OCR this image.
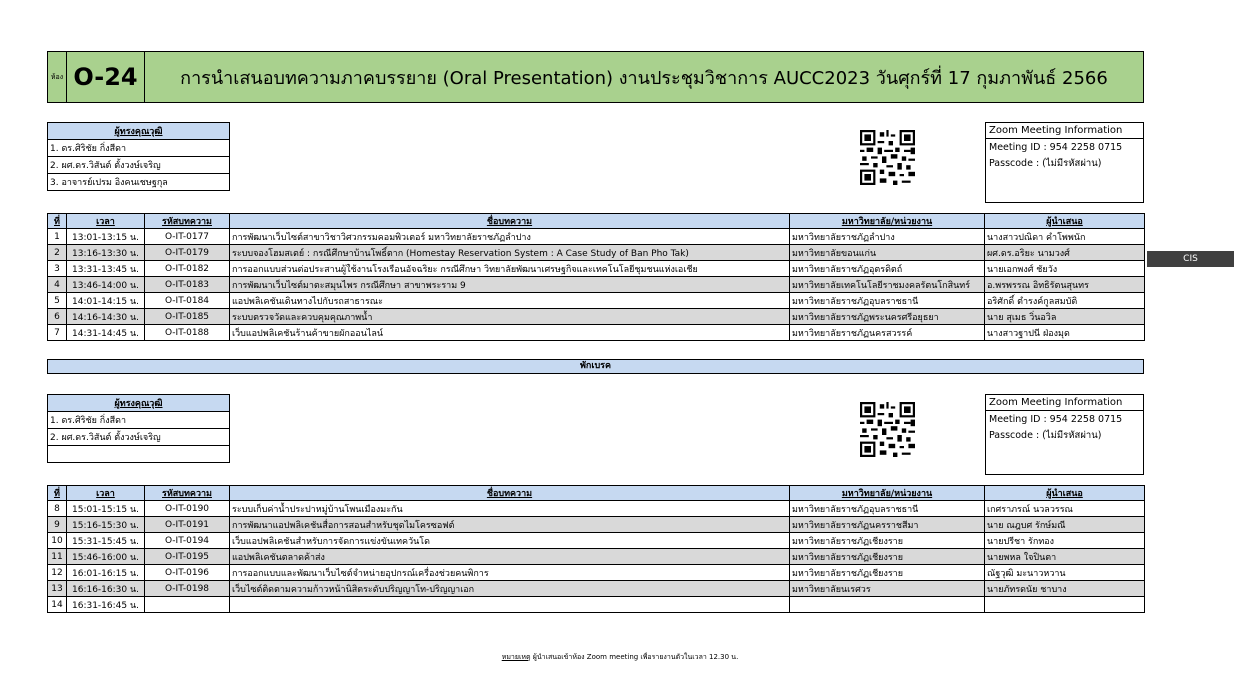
ห้อง O-24	การนำเสนอบทความภาคบรรยาย (Oral Presentation) งานประชุมวิชาการ AUCC2023 วันศุกร์ที่ 17 กุมภาพันธ์ 2566
ผู้ทรงคุณวุฒิ
1. ดร.ศิริชัย กิ่งสีดา
2. ผศ.ดร.วิสันต์ ตั้งวงษ์เจริญ
3. อาจารย์เปรม อิงคนเชษฐกุล
Zoom Meeting Information
Meeting ID : 954 2258 0715
Passcode : (ไม่มีรหัสผ่าน)
ที่	เวลา	รหัสบทความ	ชื่อบทความ	มหาวิทยาลัย/หน่วยงาน	ผู้นำเสนอ
1	13:01-13:15 น.	O-IT-0177	การพัฒนาเว็บไซต์สาขาวิชาวิศวกรรมคอมพิวเตอร์ มหาวิทยาลัยราชภัฏลำปาง	มหาวิทยาลัยราชภัฏลำปาง	นางสาวปณิดา คำโพพนัก
2	13:16-13:30 น.	O-IT-0179	ระบบจองโฮมสเตย์ : กรณีศึกษาบ้านโพธิ์ตาก (Homestay Reservation System : A Case Study of Ban Pho Tak)	มหาวิทยาลัยขอนแก่น	ผศ.ดร.อริยะ นามวงศ์
3	13:31-13:45 น.	O-IT-0182	การออกแบบส่วนต่อประสานผู้ใช้งานโรงเรือนอัจฉริยะ กรณีศึกษา วิทยาลัยพัฒนาเศรษฐกิจและเทคโนโลยีชุมชนแห่งเอเชีย	มหาวิทยาลัยราชภัฏอุตรดิตถ์	นายเอกพงศ์ ชัยวัง
4	13:46-14:00 น.	O-IT-0183	การพัฒนาเว็บไซต์มาตะสมุนไพร กรณีศึกษา สาขาพระราม 9	มหาวิทยาลัยเทคโนโลยีราชมงคลรัตนโกสินทร์	อ.พรพรรณ อิทธิรัตนสุนทร
5	14:01-14:15 น.	O-IT-0184	แอปพลิเคชันเดินทางไปกับรถสาธารณะ	มหาวิทยาลัยราชภัฏอุบลราชธานี	อริศักดิ์ ตำรงค์กูลสมบัติ
6	14:16-14:30 น.	O-IT-0185	ระบบตรวจวัดและควบคุมคุณภาพน้ำ	มหาวิทยาลัยราชภัฏพระนครศรีอยุธยา	นาย สุเมธ วิ่นอวิล
7	14:31-14:45 น.	O-IT-0188	เว็บแอปพลิเคชันร้านค้าขายผักออนไลน์	มหาวิทยาลัยราชภัฏนครสวรรค์	นางสาวฐาปนี ฝ่องมุด
พักเบรค
CIS
ผู้ทรงคุณวุฒิ
1. ดร.ศิริชัย กิ่งสีดา
2. ผศ.ดร.วิสันต์ ตั้งวงษ์เจริญ

Zoom Meeting Information
Meeting ID : 954 2258 0715
Passcode : (ไม่มีรหัสผ่าน)
ที่	เวลา	รหัสบทความ	ชื่อบทความ	มหาวิทยาลัย/หน่วยงาน	ผู้นำเสนอ
8	15:01-15:15 น.	O-IT-0190	ระบบเก็บค่าน้ำประปาหมู่บ้านโพนเมืองมะกัน	มหาวิทยาลัยราชภัฏอุบลราชธานี	เกศราภรณ์ นวลวรรณ
9	15:16-15:30 น.	O-IT-0191	การพัฒนาแอปพลิเคชันสื่อการสอนสำหรับชุดไมโครซอฟต์	มหาวิทยาลัยราชภัฏนครราชสีมา	นาย ณฎบศ รักษ์มณี
10	15:31-15:45 น.	O-IT-0194	เว็บแอปพลิเคชันสำหรับการจัดการแข่งขันเทควันโด	มหาวิทยาลัยราชภัฏเชียงราย	นายปรีชา รักทอง
11	15:46-16:00 น.	O-IT-0195	แอปพลิเคชันตลาดค้าส่ง	มหาวิทยาลัยราชภัฏเชียงราย	นายพหล ใจปินตา
12	16:01-16:15 น.	O-IT-0196	การออกแบบและพัฒนาเว็บไซต์จำหน่ายอุปกรณ์เครื่องช่วยคนพิการ	มหาวิทยาลัยราชภัฏเชียงราย	ณัฐวุฒิ มะนาวหวาน
13	16:16-16:30 น.	O-IT-0198	เว็บไซต์ติดตามความก้าวหน้านิสิตระดับปริญญาโท-ปริญญาเอก	มหาวิทยาลัยนเรศวร	นายภัทรดนัย ชาบาง
14	16:31-16:45 น.				
หมายเหตุ ผู้นำเสนอเข้าห้อง Zoom meeting เพื่อรายงานตัวในเวลา 12.30 น.
